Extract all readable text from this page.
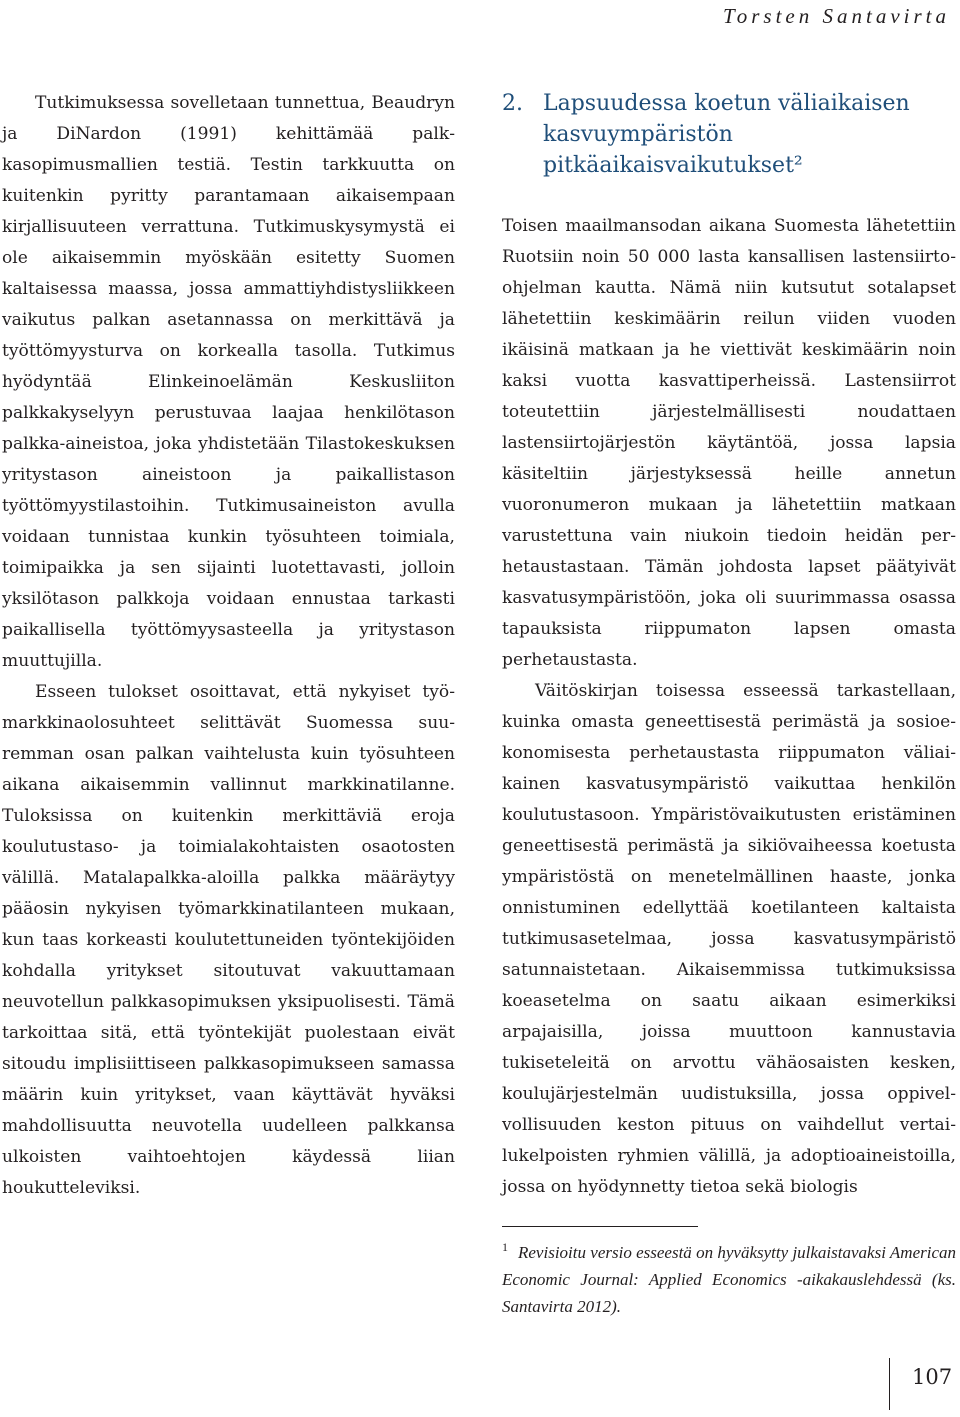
Torsten Santavirta

Tutkimuksessa sovelletaan tunnettua, Beaudryn ja DiNardon (1991) kehittämää palkkasopimusmallien testiä. Testin tarkkuutta on kuitenkin pyritty parantamaan aikaisempaan kirjallisuuteen verrattuna. Tutkimuskysymystä ei ole aikaisemmin myöskään esitetty Suomen kaltaisessa maassa, jossa ammattiyhdistysliikkeen vaikutus palkan asetannassa on merkittävä ja työttömyysturva on korkealla tasolla. Tutkimus hyödyntää Elinkeinoelämän Keskusliiton palkkakyselyyn perustuvaa laajaa henkilötason palkka-aineistoa, joka yhdistetään Tilastokeskuksen yritystason aineistoon ja paikallistason työttömyystilastoihin. Tutkimusaineiston avulla voidaan tunnistaa kunkin työsuhteen toimiala, toimipaikka ja sen sijainti luotettavasti, jolloin yksilötason palkkoja voidaan ennustaa tarkasti paikallisella työttömyysasteella ja yritystason muuttujilla.

Esseen tulokset osoittavat, että nykyiset työmarkkinaolosuhteet selittävät Suomessa suuremman osan palkan vaihtelusta kuin työsuhteen aikana aikaisemmin vallinnut markkinatilanne. Tuloksissa on kuitenkin merkittäviä eroja koulutustaso- ja toimialakohtaisten osaotosten välillä. Matalapalkka-aloilla palkka määräytyy pääosin nykyisen työmarkkinatilanteen mukaan, kun taas korkeasti koulutettuneiden työntekijöiden kohdalla yritykset sitoutuvat vakuuttamaan neuvotellun palkkasopimuksen yksipuolisesti. Tämä tarkoittaa sitä, että työntekijät puolestaan eivät sitoudu implisiittiseen palkkasopimukseen samassa määrin kuin yritykset, vaan käyttävät hyväksi mahdollisuutta neuvotella uudelleen palkkansa ulkoisten vaihtoehtojen käydessä liian houkutteleviksi.

2. Lapsuudessa koetun väliaikaisen kasvuympäristön pitkäaikaisvaikutukset²

Toisen maailmansodan aikana Suomesta lähetettiin Ruotsiin noin 50 000 lasta kansallisen lastensiirto-ohjelman kautta. Nämä niin kutsutut sotalapset lähetettiin keskimäärin reilun viiden vuoden ikäisinä matkaan ja he viettivät keskimäärin noin kaksi vuotta kasvattiperheissä. Lastensiirrot toteutettiin järjestelmällisesti noudattaen lastensiirtojärjestön käytäntöä, jossa lapsia käsiteltiin järjestyksessä heille annetun vuoronumeron mukaan ja lähetettiin matkaan varustettuna vain niukoin tiedoin heidän perhetaustastaan. Tämän johdosta lapset päätyivät kasvatusympäristöön, joka oli suurimmassa osassa tapauksista riippumaton lapsen omasta perhetaustasta.

Väitöskirjan toisessa esseessä tarkastellaan, kuinka omasta geneettisestä perimästä ja sosioekonomisesta perhetaustasta riippumaton väliaikainen kasvatusympäristö vaikuttaa henkilön koulutustasoon. Ympäristövaikutusten eristäminen geneettisestä perimästä ja sikiövaiheessa koetusta ympäristöstä on menetelmällinen haaste, jonka onnistuminen edellyttää koetilanteen kaltaista tutkimusasetelmaa, jossa kasvatusympäristö satunnaistetaan. Aikaisemmissa tutkimuksissa koeasetelma on saatu aikaan esimerkiksi arpajaisilla, joissa muuttoon kannustavia tukiseteleitä on arvottu vähäosaisten kesken, koulujärjestelmän uudistuksilla, jossa oppivelvollisuuden keston pituus on vaihdellut vertailukelpoisten ryhmien välillä, ja adoptioaineistoilla, jossa on hyödynnetty tietoa sekä biologis

$^1$ Revisioitu versio esseestä on hyväksytty julkaistavaksi American Economic Journal: Applied Economics -aikakauslehdessä (ks. Santavirta 2012).
107
